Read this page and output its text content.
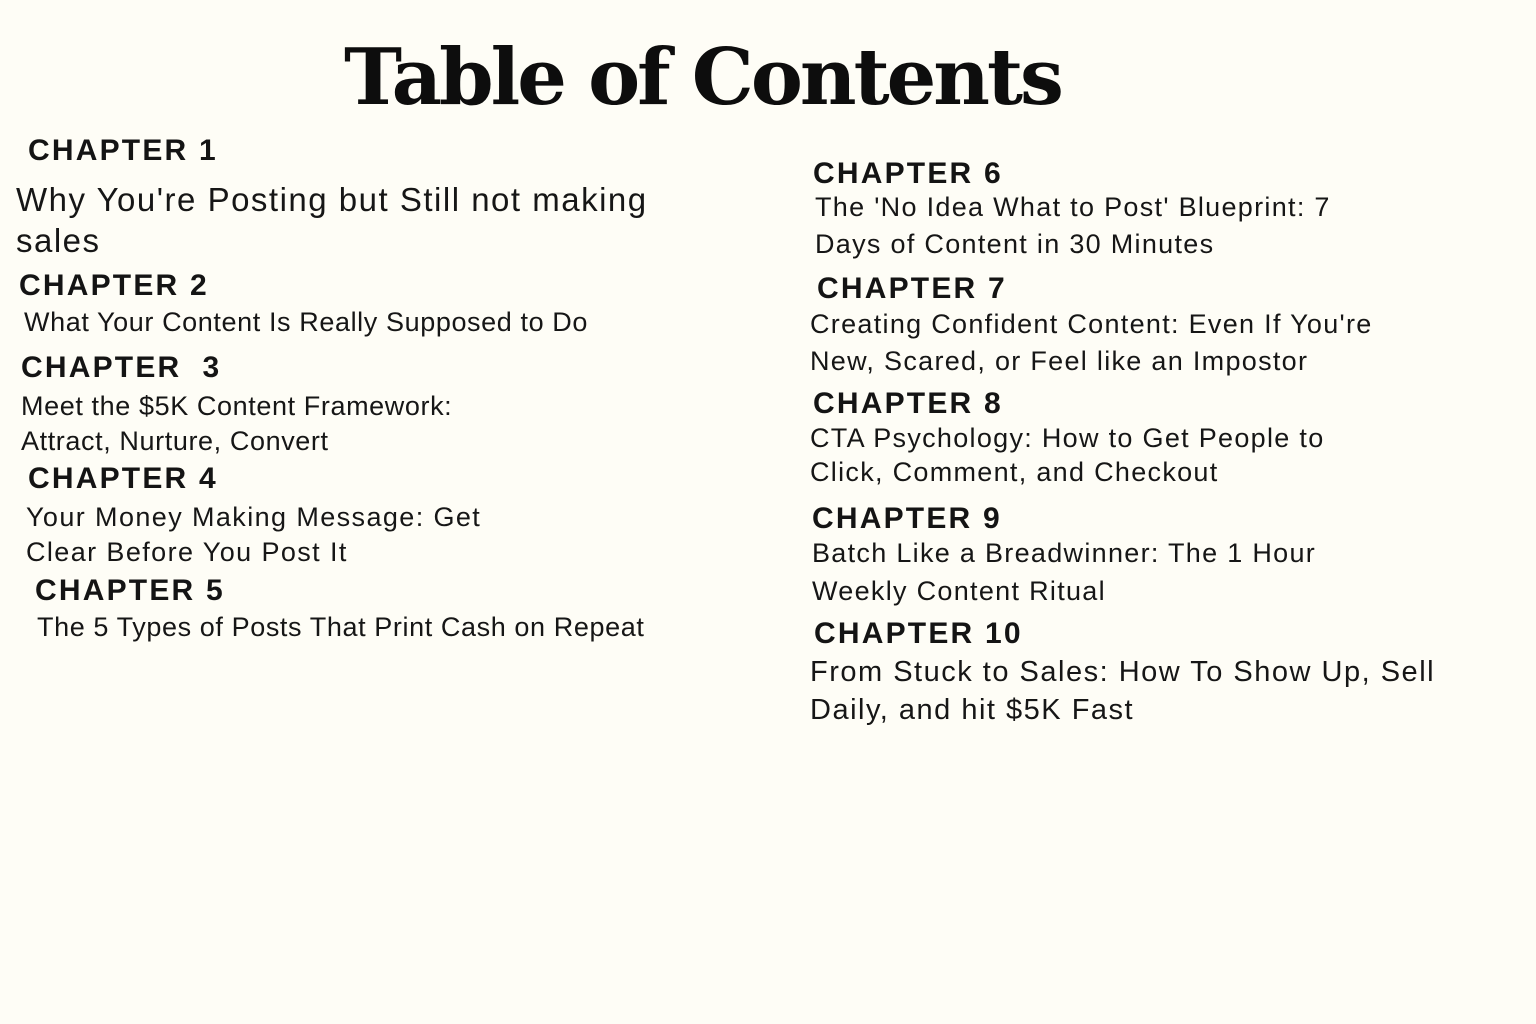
Table of Contents
CHAPTER 1
Why You're Posting but Still not making
sales
CHAPTER 2
What Your Content Is Really Supposed to Do
CHAPTER  3
Meet the $5K Content Framework:
Attract, Nurture, Convert
CHAPTER 4
Your Money Making Message: Get
Clear Before You Post It
CHAPTER 5
The 5 Types of Posts That Print Cash on Repeat
CHAPTER 6
The 'No Idea What to Post' Blueprint: 7
Days of Content in 30 Minutes
CHAPTER 7
Creating Confident Content: Even If You're
New, Scared, or Feel like an Impostor
CHAPTER 8
CTA Psychology: How to Get People to
Click, Comment, and Checkout
CHAPTER 9
Batch Like a Breadwinner: The 1 Hour
Weekly Content Ritual
CHAPTER 10
From Stuck to Sales: How To Show Up, Sell
Daily, and hit $5K Fast
